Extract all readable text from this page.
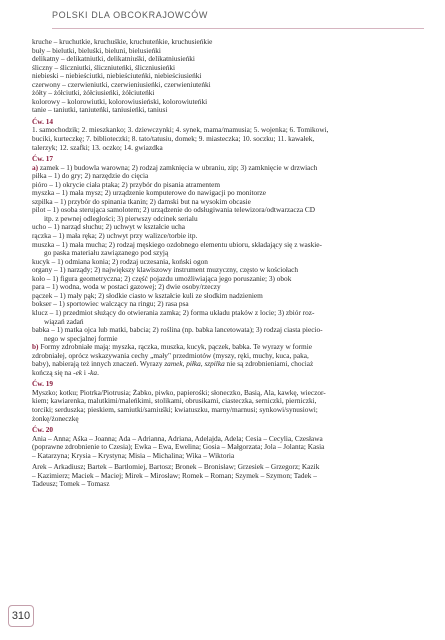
POLSKI DLA OBCOKRAJOWCÓW
kruche – kruchutkie, kruchuśkie, kruchuteńkie, kruchusieńkie
buły – bielutki, bieluśki, bieluni, bielusieńki
delikatny – delikatniutki, delikatniuśki, delikatniusieńki
śliczny – śliczniutki, śliczniuteńki, śliczniusieńki
niebieski – niebieściutki, niebieściuteńki, niebieściusieńki
czerwony – czerwieniutki, czerwieniusieńki, czerwieniuteńki
żółty – żółciutki, żółciusieńki, żółciuteńki
kolorowy – kolorowiutki, kolorowiusieński, kolorowiuteńki
tanie – taniutki, taniuteńki, taniusieńki, taniusi
Ćw. 14
1. samochodzik; 2. mieszkanko; 3. dziewczynki; 4. synek, mama/mamusia; 5. wojenka; 6. Tomikowi,
buciki, kurteczkę; 7. biblioteczki; 8. tato/tatusiu, domek; 9. miasteczka; 10. soczku; 11. kawałek,
talerzyk; 12. szafki; 13. oczko; 14. gwiazdka
Ćw. 17
a) zamek – 1) budowla warowna; 2) rodzaj zamknięcia w ubraniu, zip; 3) zamknięcie w drzwiach
piłka – 1) do gry; 2) narzędzie do cięcia
pióro – 1) okrycie ciała ptaka; 2) przybór do pisania atramentem
myszka – 1) mała mysz; 2) urządzenie komputerowe do nawigacji po monitorze
szpilka – 1) przybór do spinania tkanin; 2) damski but na wysokim obcasie
pilot – 1) osoba sterująca samolotem; 2) urządzenie do odsługiwania telewizora/odtwarzacza CD
itp. z pewnej odległości; 3) pierwszy odcinek serialu
ucho – 1) narząd słuchu; 2) uchwyt w kształcie ucha
rączka – 1) mała ręka; 2) uchwyt przy walizce/torbie itp.
muszka – 1) mała mucha; 2) rodzaj męskiego ozdobnego elementu ubioru, składający się z waskie-
go paska materiału zawiązanego pod szyją
kucyk – 1) odmiana konia; 2) rodzaj uczesania, koński ogon
organy – 1) narządy; 2) największy klawiszowy instrument muzyczny, często w kościołach
koło – 1) figura geometryczna; 2) część pojazdu umożliwiająca jego poruszanie; 3) obok
para – 1) wodna, woda w postaci gazowej; 2) dwie osoby/rzeczy
pączek – 1) mały pąk; 2) słodkie ciasto w kształcie kuli ze słodkim nadzieniem
bokser – 1) sportowiec walczący na ringu; 2) rasa psa
klucz – 1) przedmiot służący do otwierania zamka; 2) forma układu ptaków z locie; 3) zbiór roz-
wiązań zadań
babka – 1) matka ojca lub matki, babcia; 2) roślina (np. babka lancetowata); 3) rodzaj ciasta piecio-
nego w specjalnej formie
b) Formy zdrobniałe mają: myszka, rączka, muszka, kucyk, pączek, babka. Te wyrazy w formie
zdrobniałej, oprócz wskazywania cechy „mały" przedmiotów (myszy, ręki, muchy, kuca, paka,
baby), nabierają też innych znaczeń. Wyrazy zamek, piłka, szpilka nie są zdrobnieniami, chociaż
kończą się na -ek i -ka.
Ćw. 19
Myszko; kotku; Piotrka/Piotrusia; Żabko, piwko, papierośki; słoneczko, Basią, Ala, kawkę, wieczor-
kiem; kawiarenka, malutkimi/maleńkimi, stolikami, obrusikami, ciasteczka, serniczki, pierniczki,
torciki; serduszka; pieskiem, samiutki/samiuśki; kwiatuszku, marny/marnusi; synkowi/synusiowi;
żonkę/żoneczkę
Ćw. 20
Ania – Anna; Aśka – Joanna; Ada – Adrianna, Adriana, Adelajda, Adela; Cesia – Cecylia, Czesława
(poprawne zdrobnienie to Czesia); Ewka – Ewa, Ewelina; Gosia – Małgorzata; Jola – Jolanta; Kasia
– Katarzyna; Krysia – Krystyna; Misia – Michalina; Wika – Wiktoria
Arek – Arkadiusz; Bartek – Bartłomiej, Bartosz; Bronek – Bronisław; Grzesiek – Grzegorz; Kazik
– Kazimierz; Maciek – Maciej; Mirek – Mirosław; Romek – Roman; Szymek – Szymon; Tadek –
Tadeusz; Tomek – Tomasz
310
